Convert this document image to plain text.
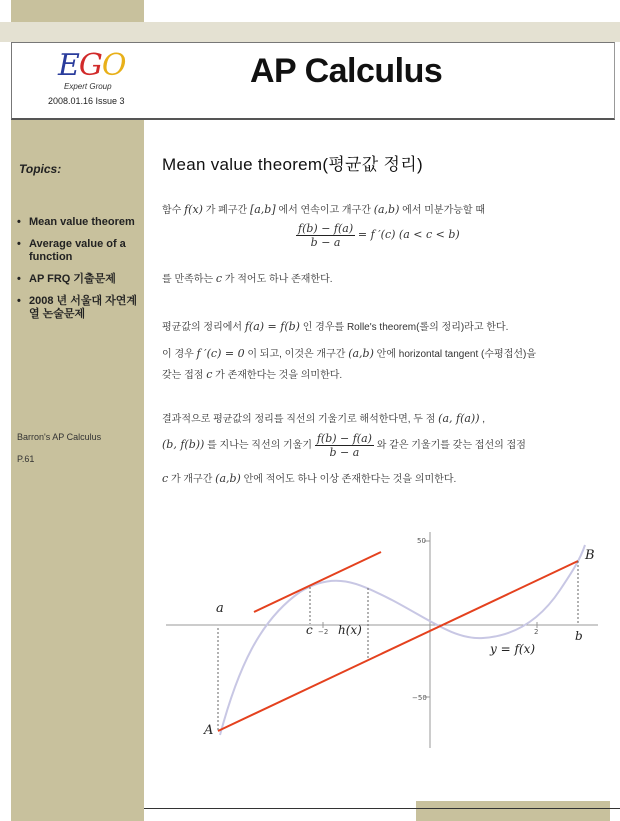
EGO
Expert Group
2008.01.16 Issue 3
AP Calculus
Topics:
• Mean value theorem
• Average value of a function
• AP FRQ 기출문제
• 2008 년 서울대 자연계열 논술문제
Barron's AP Calculus
P.61
Mean value theorem(평균값 정리)
함수 f(x) 가 폐구간 [a,b] 에서 연속이고 개구간 (a,b) 에서 미분가능할 때
$\frac{f(b) - f(a)}{b - a} = f$ ′(c) (a < c < b)
를 만족하는 c 가 적어도 하나 존재한다.
평균값의 정리에서 f(a) = f(b) 인 경우를 Rolle's theorem(롤의 정리)라고 한다.
이 경우 f ′(c) = 0 이 되고, 이것은 개구간 (a,b) 안에 horizontal tangent (수평접선)을
갖는 접점 c 가 존재한다는 것을 의미한다.
결과적으로 평균값의 정리를 직선의 기울기로 해석한다면, 두 점 (a, f(a)) ,
(b, f(b)) 를 지나는 직선의 기울기 $\frac{f(b) - f(a)}{b - a}$ 와 같은 기울기를 갖는 접선의 접점
c 가 개구간 (a,b) 안에 적어도 하나 이상 존재한다는 것을 의미한다.
a
b
c
A
B
h(x)
y = f(x)
50
−50
−2	2
